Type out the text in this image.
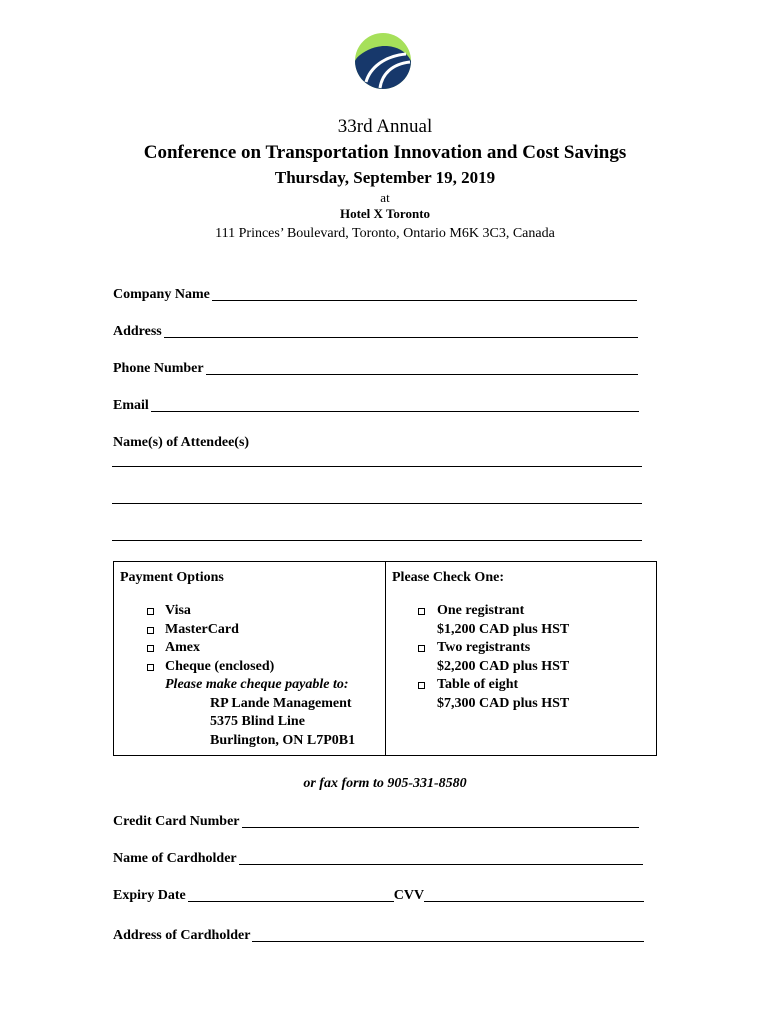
33rd Annual
Conference on Transportation Innovation and Cost Savings
Thursday, September 19, 2019
at
Hotel X Toronto
111 Princes’ Boulevard, Toronto, Ontario M6K 3C3, Canada
Company Name
Address
Phone Number
Email
Name(s) of Attendee(s)
Payment Options
Visa
MasterCard
Amex
Cheque (enclosed)
Please make cheque payable to:
RP Lande Management
5375 Blind Line
Burlington, ON L7P0B1
Please Check One:
One registrant
$1,200 CAD plus HST
Two registrants
$2,200 CAD plus HST
Table of eight
$7,300 CAD plus HST
or fax form to 905-331-8580
Credit Card Number
Name of Cardholder
Expiry Date	CVV
Address of Cardholder
